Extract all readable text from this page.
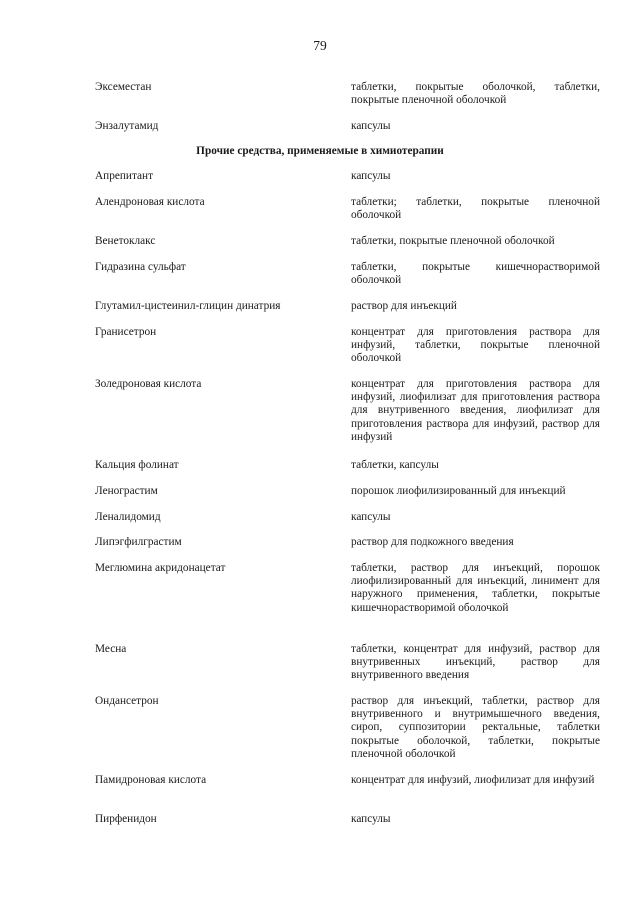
79
Эксеместан	таблетки, покрытые оболочкой, таблетки, покрытые пленочной оболочкой
Энзалутамид	капсулы
Прочие средства, применяемые в химиотерапии
Апрепитант	капсулы
Алендроновая кислота	таблетки; таблетки, покрытые пленочной оболочкой
Венетоклакс	таблетки, покрытые пленочной оболочкой
Гидразина сульфат	таблетки, покрытые кишечнорастворимой оболочкой
Глутамил-цистеинил-глицин динатрия	раствор для инъекций
Гранисетрон	концентрат для приготовления раствора для инфузий, таблетки, покрытые пленочной оболочкой
Золедроновая кислота	концентрат для приготовления раствора для инфузий, лиофилизат для приготовления раствора для внутривенного введения, лиофилизат для приготовления раствора для инфузий, раствор для инфузий
Кальция фолинат	таблетки, капсулы
Ленограстим	порошок лиофилизированный для инъекций
Леналидомид	капсулы
Липэгфилграстим	раствор для подкожного введения
Меглюмина акридонацетат	таблетки, раствор для инъекций, порошок лиофилизированный для инъекций, линимент для наружного применения, таблетки, покрытые кишечнорастворимой оболочкой
Месна	таблетки, концентрат для инфузий, раствор для внутривенных инъекций, раствор для внутривенного введения
Ондансетрон	раствор для инъекций, таблетки, раствор для внутривенного и внутримышечного введения, сироп, суппозитории ректальные, таблетки покрытые оболочкой, таблетки, покрытые пленочной оболочкой
Памидроновая кислота	концентрат для инфузий, лиофилизат для инфузий
Пирфенидон	капсулы
